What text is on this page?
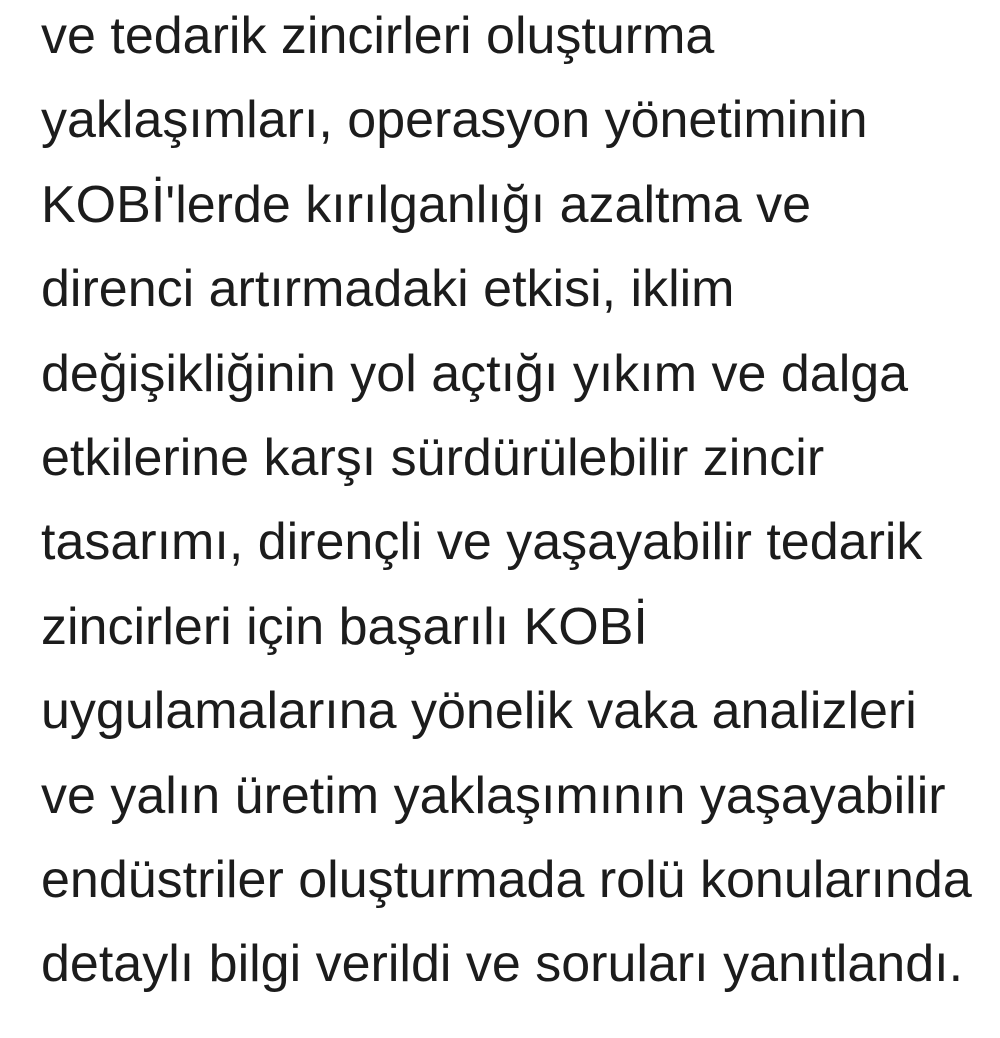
ve tedarik zincirleri oluşturma
yaklaşımları, operasyon yönetiminin
KOBİ'lerde kırılganlığı azaltma ve
direnci artırmadaki etkisi, iklim
değişikliğinin yol açtığı yıkım ve dalga
etkilerine karşı sürdürülebilir zincir
tasarımı, dirençli ve yaşayabilir tedarik
zincirleri için başarılı KOBİ
uygulamalarına yönelik vaka analizleri
ve yalın üretim yaklaşımının yaşayabilir
endüstriler oluşturmada rolü konularında
detaylı bilgi verildi ve soruları yanıtlandı.
